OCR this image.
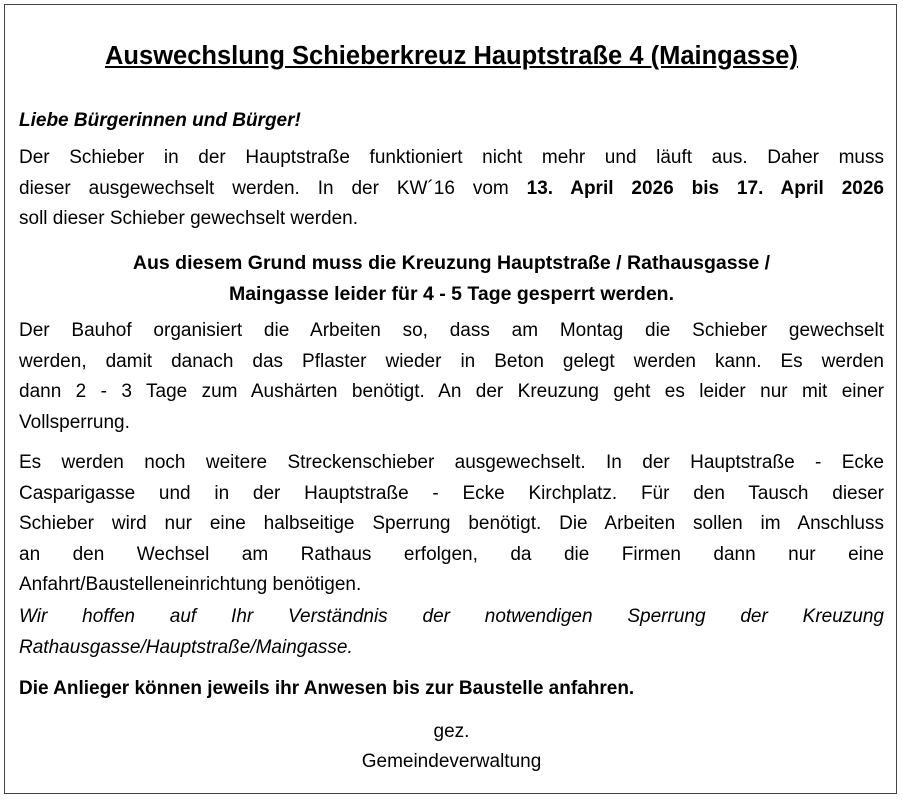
Auswechslung Schieberkreuz Hauptstraße 4 (Maingasse)

Liebe Bürgerinnen und Bürger!

Der Schieber in der Hauptstraße funktioniert nicht mehr und läuft aus. Daher muss
dieser ausgewechselt werden. In der KW´16 vom 13. April 2026 bis 17. April 2026
soll dieser Schieber gewechselt werden.
Aus diesem Grund muss die Kreuzung Hauptstraße / Rathausgasse /
Maingasse leider für 4 - 5 Tage gesperrt werden.
Der Bauhof organisiert die Arbeiten so, dass am Montag die Schieber gewechselt
werden, damit danach das Pflaster wieder in Beton gelegt werden kann. Es werden
dann 2 - 3 Tage zum Aushärten benötigt. An der Kreuzung geht es leider nur mit einer
Vollsperrung.
Es werden noch weitere Streckenschieber ausgewechselt. In der Hauptstraße - Ecke
Casparigasse und in der Hauptstraße - Ecke Kirchplatz. Für den Tausch dieser
Schieber wird nur eine halbseitige Sperrung benötigt. Die Arbeiten sollen im Anschluss
an den Wechsel am Rathaus erfolgen, da die Firmen dann nur eine
Anfahrt/Baustelleneinrichtung benötigen.
Wir hoffen auf Ihr Verständnis der notwendigen Sperrung der Kreuzung
Rathausgasse/Hauptstraße/Maingasse.

Die Anlieger können jeweils ihr Anwesen bis zur Baustelle anfahren.

gez.
Gemeindeverwaltung
